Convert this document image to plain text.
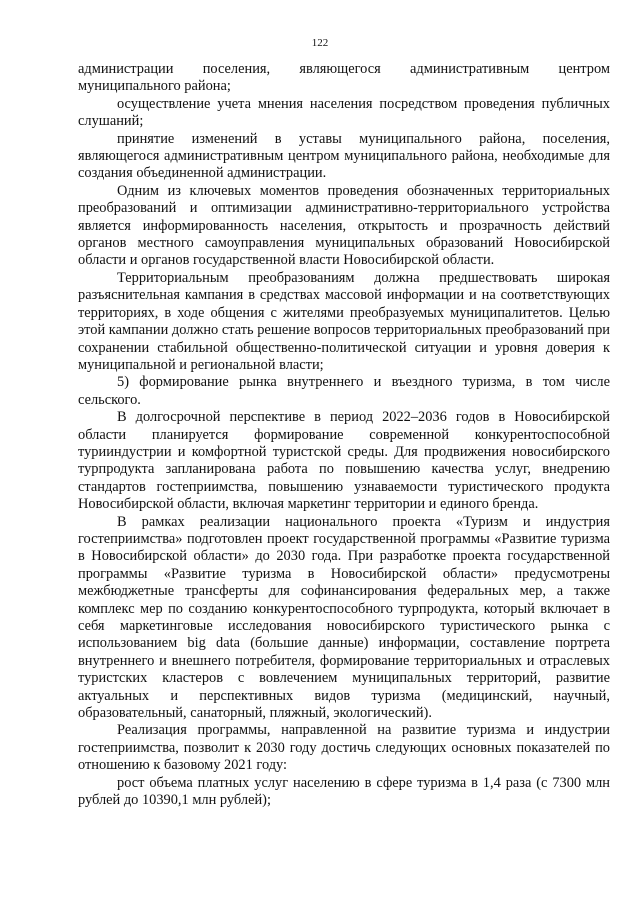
122

администрации поселения, являющегося административным центром муниципального района;

осуществление учета мнения населения посредством проведения публичных слушаний;

принятие изменений в уставы муниципального района, поселения, являющегося административным центром муниципального района, необходимые для создания объединенной администрации.

Одним из ключевых моментов проведения обозначенных территориальных преобразований и оптимизации административно-территориального устройства является информированность населения, открытость и прозрачность действий органов местного самоуправления муниципальных образований Новосибирской области и органов государственной власти Новосибирской области.

Территориальным преобразованиям должна предшествовать широкая разъяснительная кампания в средствах массовой информации и на соответствующих территориях, в ходе общения с жителями преобразуемых муниципалитетов. Целью этой кампании должно стать решение вопросов территориальных преобразований при сохранении стабильной общественно-политической ситуации и уровня доверия к муниципальной и региональной власти;

5) формирование рынка внутреннего и въездного туризма, в том числе сельского.

В долгосрочной перспективе в период 2022–2036 годов в Новосибирской области планируется формирование современной конкурентоспособной турииндустрии и комфортной туристской среды. Для продвижения новосибирского турпродукта запланирована работа по повышению качества услуг, внедрению стандартов гостеприимства, повышению узнаваемости туристического продукта Новосибирской области, включая маркетинг территории и единого бренда.

В рамках реализации национального проекта «Туризм и индустрия гостеприимства» подготовлен проект государственной программы «Развитие туризма в Новосибирской области» до 2030 года. При разработке проекта государственной программы «Развитие туризма в Новосибирской области» предусмотрены межбюджетные трансферты для софинансирования федеральных мер, а также комплекс мер по созданию конкурентоспособного турпродукта, который включает в себя маркетинговые исследования новосибирского туристического рынка с использованием big data (большие данные) информации, составление портрета внутреннего и внешнего потребителя, формирование территориальных и отраслевых туристских кластеров с вовлечением муниципальных территорий, развитие актуальных и перспективных видов туризма (медицинский, научный, образовательный, санаторный, пляжный, экологический).

Реализация программы, направленной на развитие туризма и индустрии гостеприимства, позволит к 2030 году достичь следующих основных показателей по отношению к базовому 2021 году:

рост объема платных услуг населению в сфере туризма в 1,4 раза (с 7300 млн рублей до 10390,1 млн рублей);
